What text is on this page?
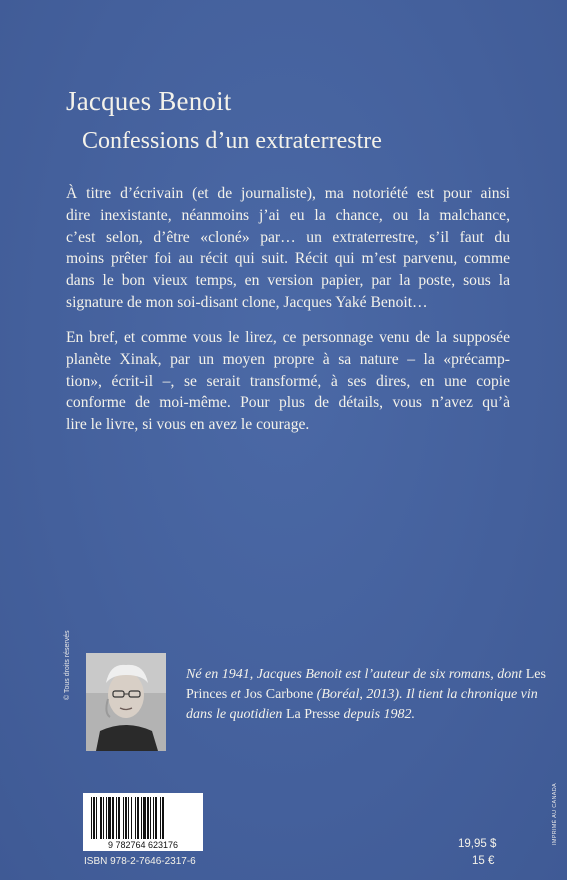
Jacques Benoit
Confessions d’un extraterrestre

À titre d’écrivain (et de journaliste), ma notoriété est pour ainsi
dire inexistante, néanmoins j’ai eu la chance, ou la malchance,
c’est selon, d’être «cloné» par… un extraterrestre, s’il faut du
moins prêter foi au récit qui suit. Récit qui m’est parvenu, comme
dans le bon vieux temps, en version papier, par la poste, sous la
signature de mon soi-disant clone, Jacques Yaké Benoit…

En bref, et comme vous le lirez, ce personnage venu de la supposée
planète Xinak, par un moyen propre à sa nature – la «précamp-
tion», écrit-il –, se serait transformé, à ses dires, en une copie
conforme de moi-même. Pour plus de détails, vous n’avez qu’à
lire le livre, si vous en avez le courage.

© Tous droits réservés	Né en 1941, Jacques Benoit est l’auteur de six romans, dont Les
Princes et Jos Carbone (Boréal, 2013). Il tient la chronique vin
dans le quotidien La Presse depuis 1982.

9 782764 623176
ISBN 978-2-7646-2317-6
19,95 $
15 €
IMPRIMÉ AU CANADA
